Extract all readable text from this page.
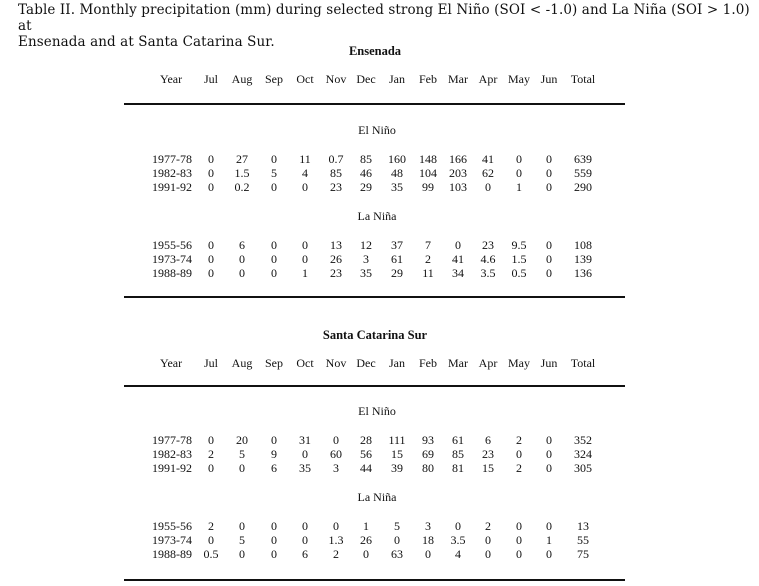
Table II. Monthly precipitation (mm) during selected strong El Niño (SOI < -1.0) and La Niña (SOI > 1.0) at
Ensenada and at Santa Catarina Sur.
Ensenada
Year Jul Aug Sep Oct Nov Dec Jan Feb Mar Apr May Jun Total
El Niño
1977-78 0 27 0 11 0.7 85 160 148 166 41 0 0 639
1982-83 0 1.5 5 4 85 46 48 104 203 62 0 0 559
1991-92 0 0.2 0 0 23 29 35 99 103 0 1 0 290
La Niña
1955-56 0 6 0 0 13 12 37 7 0 23 9.5 0 108
1973-74 0 0 0 0 26 3 61 2 41 4.6 1.5 0 139
1988-89 0 0 0 1 23 35 29 11 34 3.5 0.5 0 136
Santa Catarina Sur
Year Jul Aug Sep Oct Nov Dec Jan Feb Mar Apr May Jun Total
El Niño
1977-78 0 20 0 31 0 28 111 93 61 6 2 0 352
1982-83 2 5 9 0 60 56 15 69 85 23 0 0 324
1991-92 0 0 6 35 3 44 39 80 81 15 2 0 305
La Niña
1955-56 2 0 0 0 0 1 5 3 0 2 0 0 13
1973-74 0 5 0 0 1.3 26 0 18 3.5 0 0 1 55
1988-89 0.5 0 0 6 2 0 63 0 4 0 0 0 75
